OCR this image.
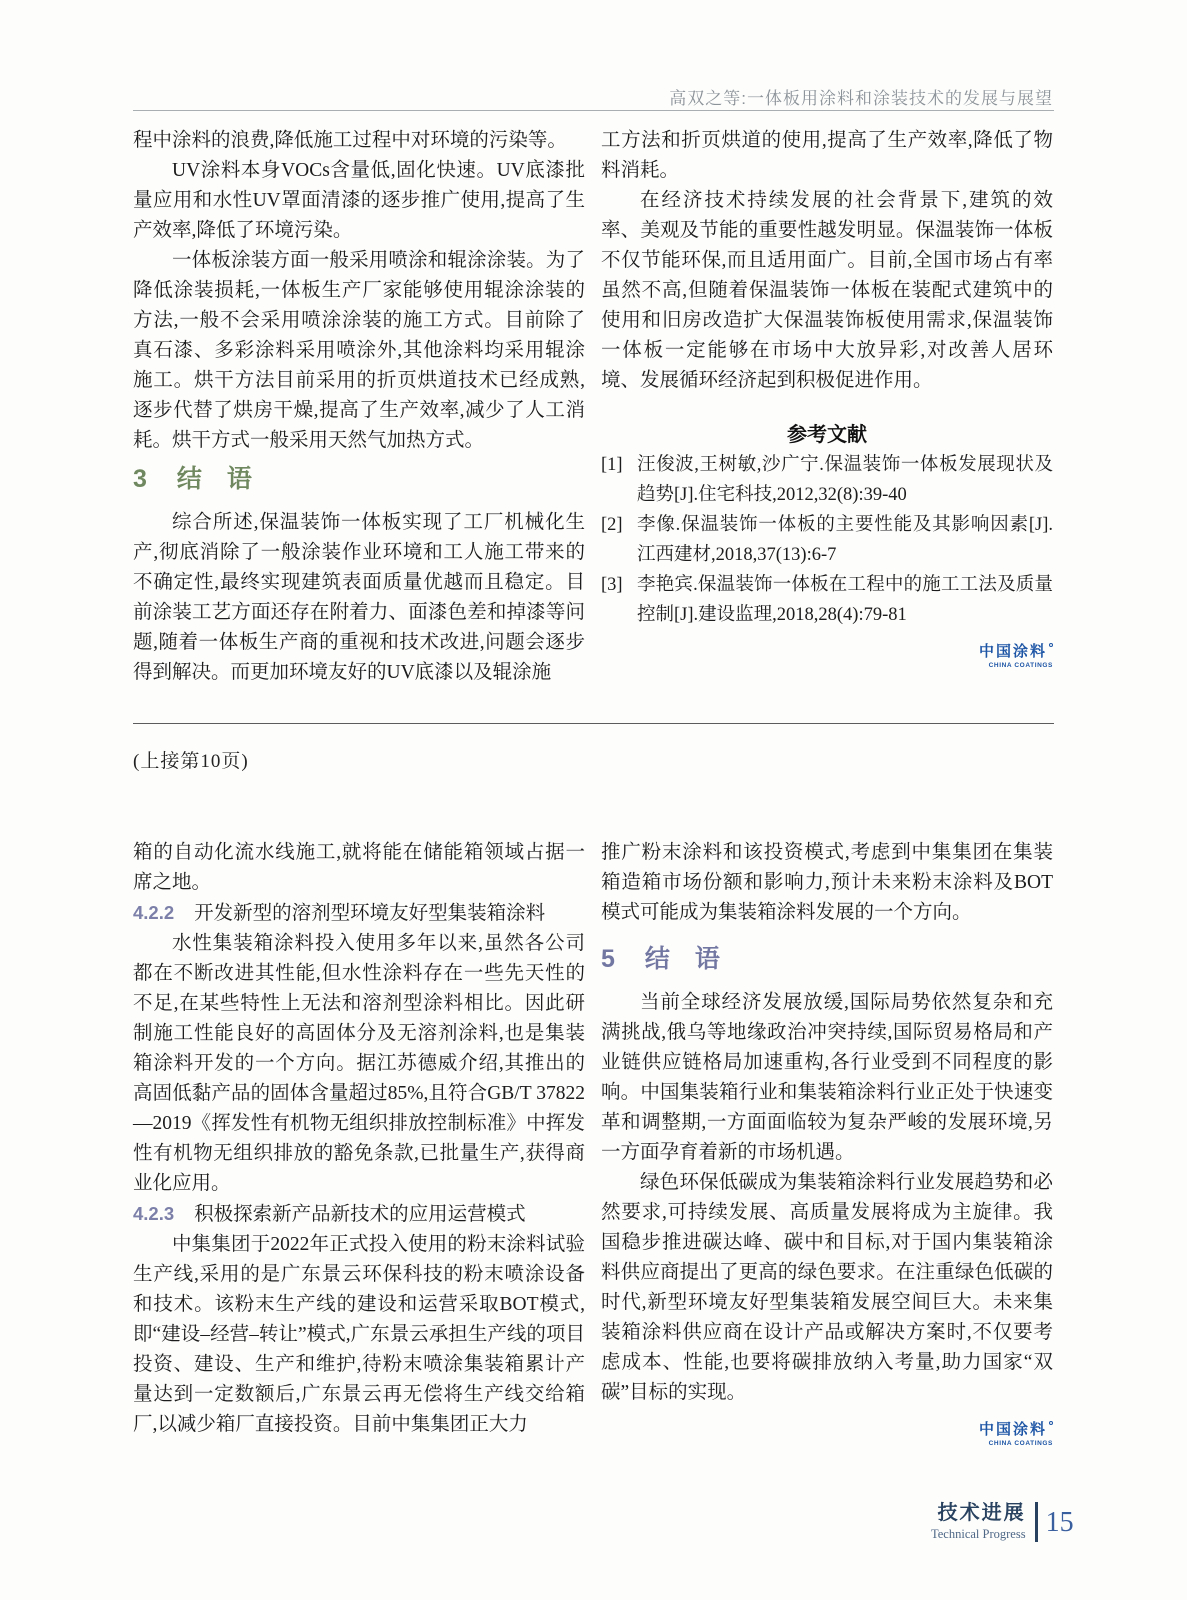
高双之等:一体板用涂料和涂装技术的发展与展望

程中涂料的浪费,降低施工过程中对环境的污染等。

UV涂料本身VOCs含量低,固化快速。UV底漆批量应用和水性UV罩面清漆的逐步推广使用,提高了生产效率,降低了环境污染。

一体板涂装方面一般采用喷涂和辊涂涂装。为了降低涂装损耗,一体板生产厂家能够使用辊涂涂装的方法,一般不会采用喷涂涂装的施工方式。目前除了真石漆、多彩涂料采用喷涂外,其他涂料均采用辊涂施工。烘干方法目前采用的折页烘道技术已经成熟,逐步代替了烘房干燥,提高了生产效率,减少了人工消耗。烘干方式一般采用天然气加热方式。

3 结　语

综合所述,保温装饰一体板实现了工厂机械化生产,彻底消除了一般涂装作业环境和工人施工带来的不确定性,最终实现建筑表面质量优越而且稳定。目前涂装工艺方面还存在附着力、面漆色差和掉漆等问题,随着一体板生产商的重视和技术改进,问题会逐步得到解决。而更加环境友好的UV底漆以及辊涂施

工方法和折页烘道的使用,提高了生产效率,降低了物料消耗。

在经济技术持续发展的社会背景下,建筑的效率、美观及节能的重要性越发明显。保温装饰一体板不仅节能环保,而且适用面广。目前,全国市场占有率虽然不高,但随着保温装饰一体板在装配式建筑中的使用和旧房改造扩大保温装饰板使用需求,保温装饰一体板一定能够在市场中大放异彩,对改善人居环境、发展循环经济起到积极促进作用。

参考文献
[1] 汪俊波,王树敏,沙广宁.保温装饰一体板发展现状及趋势[J].住宅科技,2012,32(8):39-40
[2] 李像.保温装饰一体板的主要性能及其影响因素[J].江西建材,2018,37(13):6-7
[3] 李艳宾.保温装饰一体板在工程中的施工工法及质量控制[J].建设监理,2018,28(4):79-81
中国涂料
CHINA COATINGS
(上接第10页)

箱的自动化流水线施工,就将能在储能箱领域占据一席之地。

4.2.2 开发新型的溶剂型环境友好型集装箱涂料

水性集装箱涂料投入使用多年以来,虽然各公司都在不断改进其性能,但水性涂料存在一些先天性的不足,在某些特性上无法和溶剂型涂料相比。因此研制施工性能良好的高固体分及无溶剂涂料,也是集装箱涂料开发的一个方向。据江苏德威介绍,其推出的高固低黏产品的固体含量超过85%,且符合GB/T 37822—2019《挥发性有机物无组织排放控制标准》中挥发性有机物无组织排放的豁免条款,已批量生产,获得商业化应用。

4.2.3 积极探索新产品新技术的应用运营模式

中集集团于2022年正式投入使用的粉末涂料试验生产线,采用的是广东景云环保科技的粉末喷涂设备和技术。该粉末生产线的建设和运营采取BOT模式,即“建设–经营–转让”模式,广东景云承担生产线的项目投资、建设、生产和维护,待粉末喷涂集装箱累计产量达到一定数额后,广东景云再无偿将生产线交给箱厂,以减少箱厂直接投资。目前中集集团正大力

推广粉末涂料和该投资模式,考虑到中集集团在集装箱造箱市场份额和影响力,预计未来粉末涂料及BOT模式可能成为集装箱涂料发展的一个方向。

5 结　语

当前全球经济发展放缓,国际局势依然复杂和充满挑战,俄乌等地缘政治冲突持续,国际贸易格局和产业链供应链格局加速重构,各行业受到不同程度的影响。中国集装箱行业和集装箱涂料行业正处于快速变革和调整期,一方面面临较为复杂严峻的发展环境,另一方面孕育着新的市场机遇。

绿色环保低碳成为集装箱涂料行业发展趋势和必然要求,可持续发展、高质量发展将成为主旋律。我国稳步推进碳达峰、碳中和目标,对于国内集装箱涂料供应商提出了更高的绿色要求。在注重绿色低碳的时代,新型环境友好型集装箱发展空间巨大。未来集装箱涂料供应商在设计产品或解决方案时,不仅要考虑成本、性能,也要将碳排放纳入考量,助力国家“双碳”目标的实现。

中国涂料
CHINA COATINGS
技术进展
Technical Progress 15
